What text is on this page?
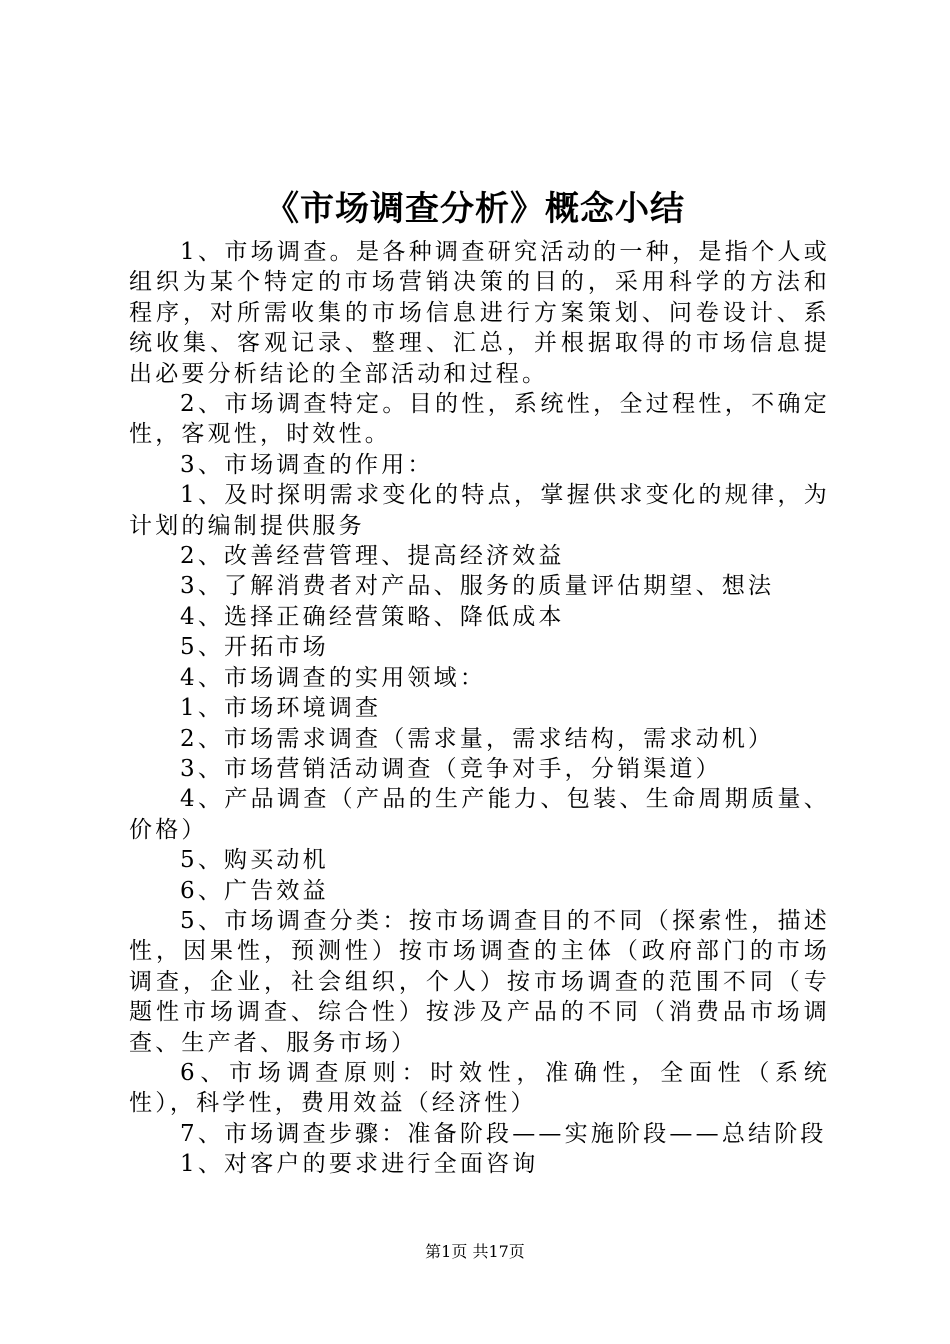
《市场调查分析》概念小结

1、市场调查。是各种调查研究活动的一种，是指个人或组织为某个特定的市场营销决策的目的，采用科学的方法和程序，对所需收集的市场信息进行方案策划、问卷设计、系统收集、客观记录、整理、汇总，并根据取得的市场信息提出必要分析结论的全部活动和过程。

2、市场调查特定。目的性，系统性，全过程性，不确定性，客观性，时效性。

3、市场调查的作用：

1、及时探明需求变化的特点，掌握供求变化的规律，为计划的编制提供服务

2、改善经营管理、提高经济效益

3、了解消费者对产品、服务的质量评估期望、想法

4、选择正确经营策略、降低成本

5、开拓市场

4、市场调查的实用领域：

1、市场环境调查

2、市场需求调查（需求量，需求结构，需求动机）

3、市场营销活动调查（竞争对手，分销渠道）

4、产品调查（产品的生产能力、包装、生命周期质量、价格）

5、购买动机

6、广告效益

5、市场调查分类：按市场调查目的不同（探索性，描述性，因果性，预测性）按市场调查的主体（政府部门的市场调查，企业，社会组织，个人）按市场调查的范围不同（专题性市场调查、综合性）按涉及产品的不同（消费品市场调查、生产者、服务市场）

6、市场调查原则：时效性，准确性，全面性（系统性），科学性，费用效益（经济性）

7、市场调查步骤：准备阶段——实施阶段——总结阶段

1、对客户的要求进行全面咨询

第1页 共17页
